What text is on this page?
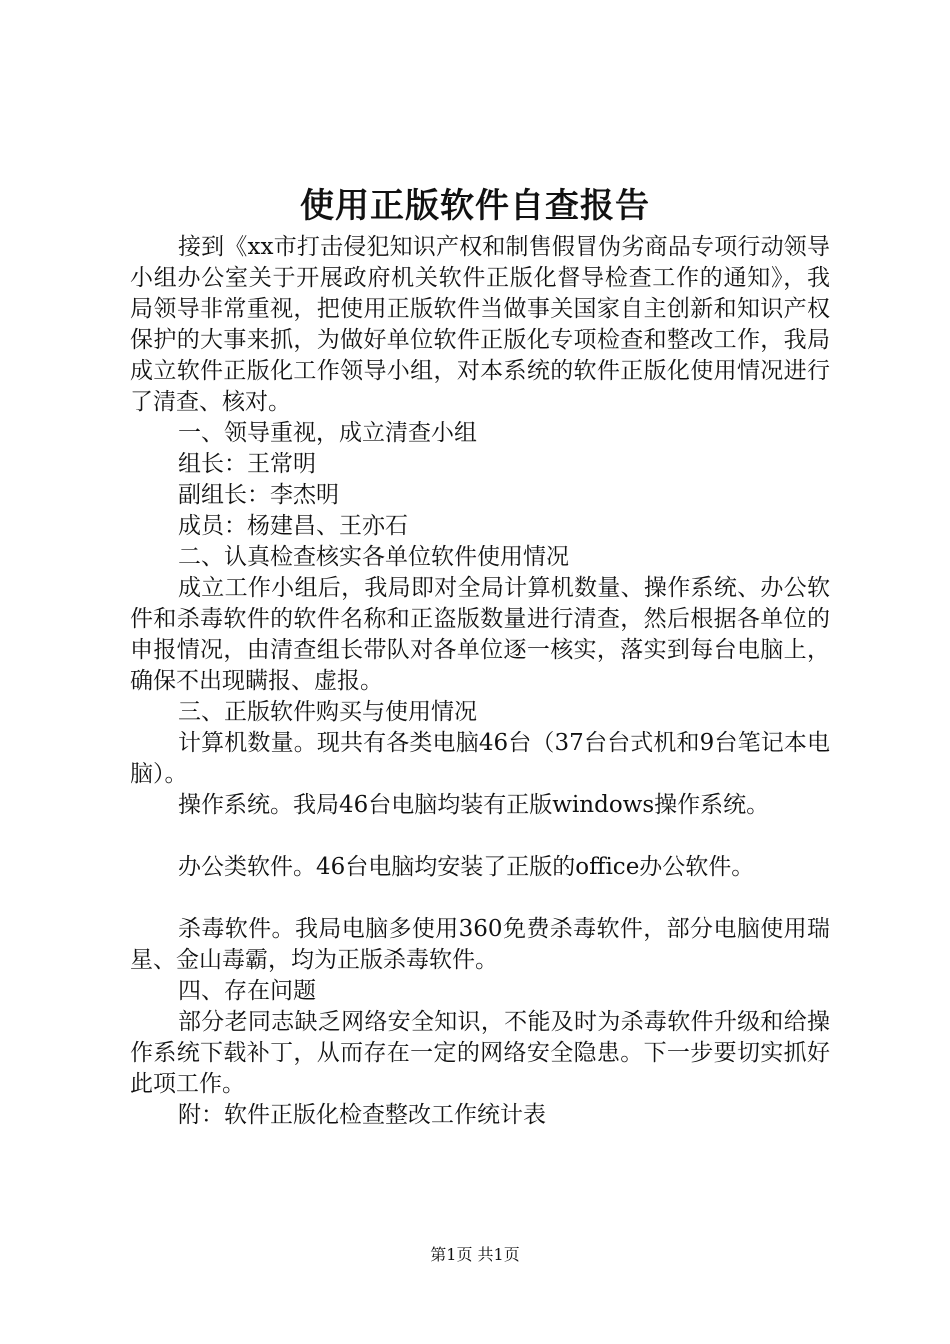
使用正版软件自查报告

接到《xx市打击侵犯知识产权和制售假冒伪劣商品专项行动领导小组办公室关于开展政府机关软件正版化督导检查工作的通知》，我局领导非常重视，把使用正版软件当做事关国家自主创新和知识产权保护的大事来抓，为做好单位软件正版化专项检查和整改工作，我局成立软件正版化工作领导小组，对本系统的软件正版化使用情况进行了清查、核对。

一、领导重视，成立清查小组

组长：王常明

副组长：李杰明

成员：杨建昌、王亦石

二、认真检查核实各单位软件使用情况

成立工作小组后，我局即对全局计算机数量、操作系统、办公软件和杀毒软件的软件名称和正盗版数量进行清查，然后根据各单位的申报情况，由清查组长带队对各单位逐一核实，落实到每台电脑上，确保不出现瞒报、虚报。

三、正版软件购买与使用情况

计算机数量。现共有各类电脑46台（37台台式机和9台笔记本电脑）。

操作系统。我局46台电脑均装有正版windows操作系统。

办公类软件。46台电脑均安装了正版的office办公软件。

杀毒软件。我局电脑多使用360免费杀毒软件，部分电脑使用瑞星、金山毒霸，均为正版杀毒软件。

四、存在问题

部分老同志缺乏网络安全知识，不能及时为杀毒软件升级和给操作系统下载补丁，从而存在一定的网络安全隐患。下一步要切实抓好此项工作。

附：软件正版化检查整改工作统计表

第1页 共1页
